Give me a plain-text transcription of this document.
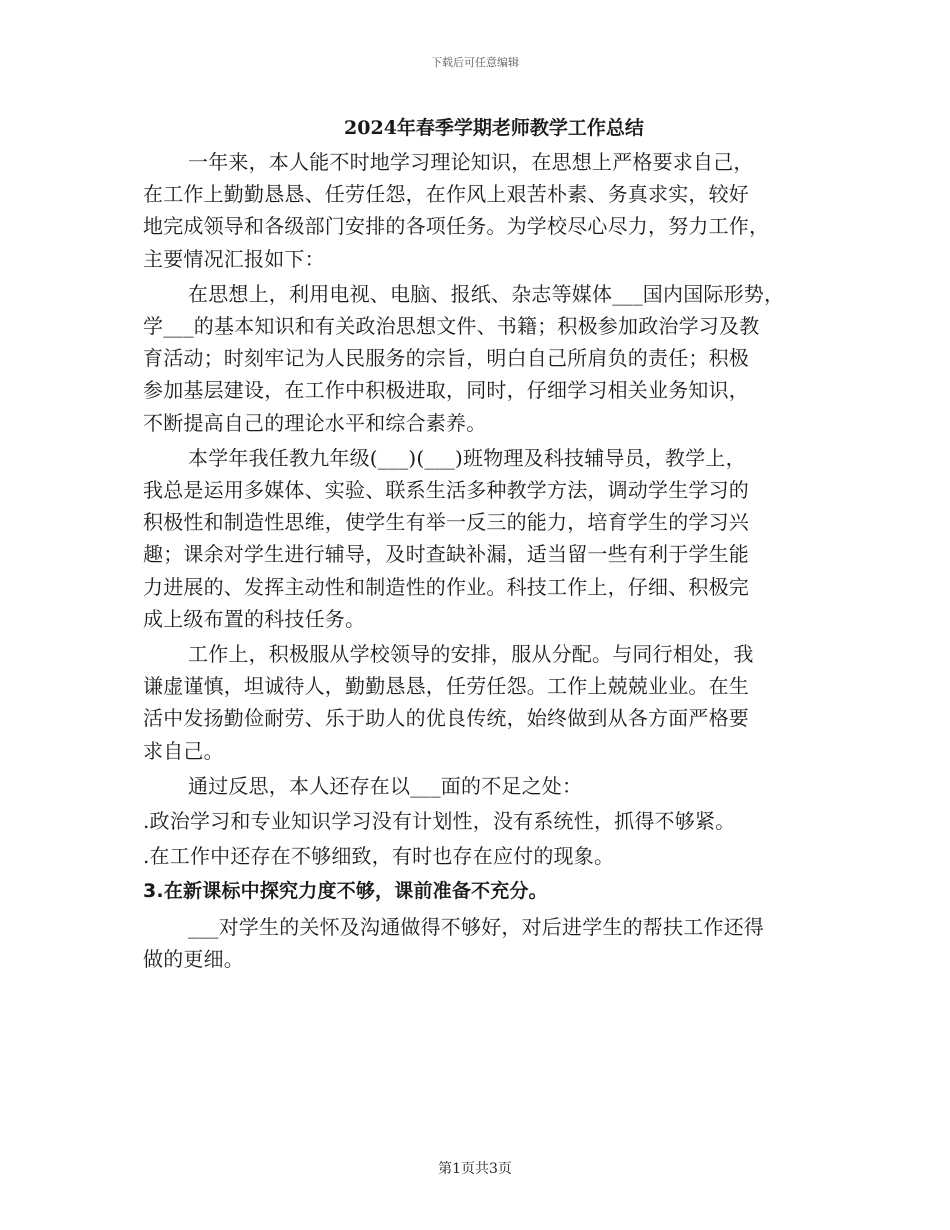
下载后可任意编辑
2024年春季学期老师教学工作总结

一年来，本人能不时地学习理论知识，在思想上严格要求自己，
在工作上勤勤恳恳、任劳任怨，在作风上艰苦朴素、务真求实，较好
地完成领导和各级部门安排的各项任务。为学校尽心尽力，努力工作，
主要情况汇报如下：

在思想上，利用电视、电脑、报纸、杂志等媒体___国内国际形势，
学___的基本知识和有关政治思想文件、书籍；积极参加政治学习及教
育活动；时刻牢记为人民服务的宗旨，明白自己所肩负的责任；积极
参加基层建设，在工作中积极进取，同时，仔细学习相关业务知识，
不断提高自己的理论水平和综合素养。

本学年我任教九年级(___)(___)班物理及科技辅导员，教学上，
我总是运用多媒体、实验、联系生活多种教学方法，调动学生学习的
积极性和制造性思维，使学生有举一反三的能力，培育学生的学习兴
趣；课余对学生进行辅导，及时查缺补漏，适当留一些有利于学生能
力进展的、发挥主动性和制造性的作业。科技工作上，仔细、积极完
成上级布置的科技任务。

工作上，积极服从学校领导的安排，服从分配。与同行相处，我
谦虚谨慎，坦诚待人，勤勤恳恳，任劳任怨。工作上兢兢业业。在生
活中发扬勤俭耐劳、乐于助人的优良传统，始终做到从各方面严格要
求自己。

通过反思，本人还存在以___面的不足之处：

.政治学习和专业知识学习没有计划性，没有系统性，抓得不够紧。

.在工作中还存在不够细致，有时也存在应付的现象。

3.在新课标中探究力度不够，课前准备不充分。

___对学生的关怀及沟通做得不够好，对后进学生的帮扶工作还得
做的更细。

第1页共3页
